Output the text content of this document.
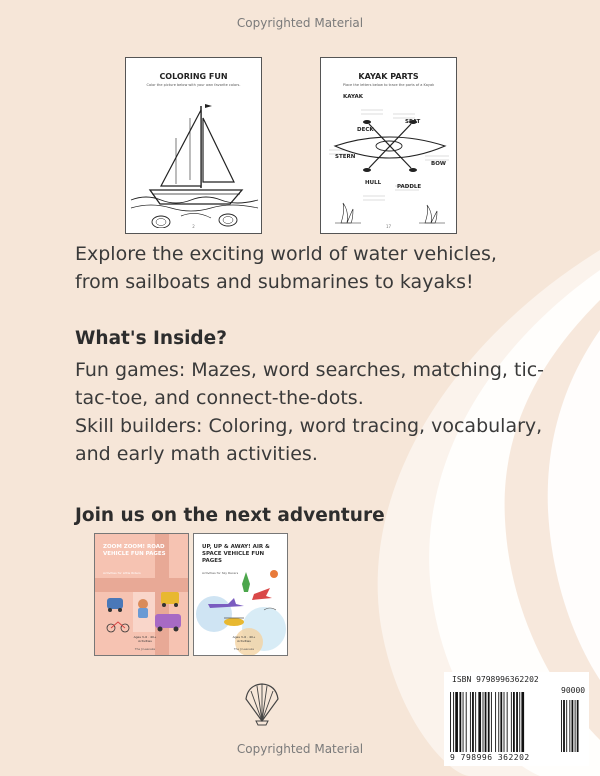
Copyrighted Material
COLORING FUN
Color the picture below with your own favorite colors.
2
KAYAK PARTS
Place the letters below to trace the parts of a Kayak
KAYAK
DECK
SEAT
STERN
BOW
HULL
PADDLE
17

Explore the exciting world of water vehicles, from sailboats and submarines to kayaks!

What's Inside?
Fun games: Mazes, word searches, matching, tic-tac-toe, and connect-the-dots.
Skill builders: Coloring, word tracing, vocabulary, and early math activities.
Join us on the next adventure
ZOOM ZOOM! ROAD VEHICLE FUN PAGES
Activities for Little Riders
Ages 3–6 · 40+ Activities
The Ji Leeneke
UP, UP & AWAY! AIR & SPACE VEHICLE FUN PAGES
Activities for Sky Racers
Ages 3–6 · 40+ Activities
The Ji Leeneke
ISBN 9798996362202
90000
9 798996 362202
Copyrighted Material
